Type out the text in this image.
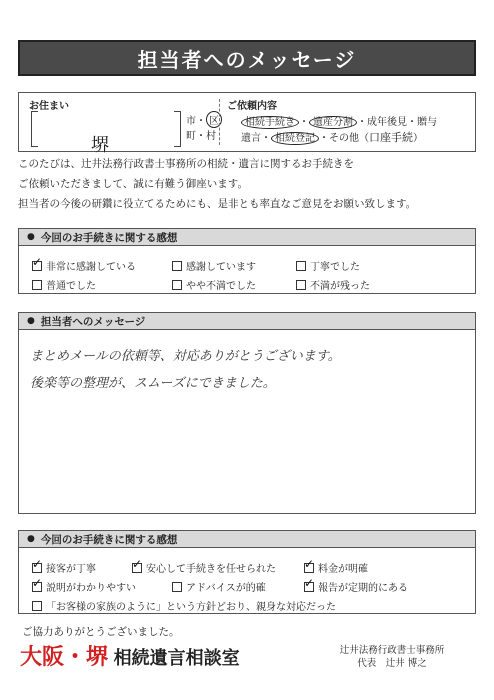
担当者へのメッセージ
お住まい
堺
市・ 区
町・村
ご依頼内容
相続手続き ・ 遺産分割 ・成年後見・贈与
遺言・ 相続登記 ・その他（口座手続）
このたびは、辻井法務行政書士事務所の相続・遺言に関するお手続きを
ご依頼いただきまして、誠に有難う御座います。
担当者の今後の研鑽に役立てるためにも、是非とも率直なご意見をお願い致します。
● 今回のお手続きに関する感想
✓
非常に感謝している	感謝しています	丁寧でした
普通でした	やや不満でした	不満が残った
● 担当者へのメッセージ
まとめメールの依頼等、対応ありがとうございます。
後楽等の整理が、スムーズにできました。
● 今回のお手続きに関する感想
✓
接客が丁寧 ✓	安心して手続きを任せられた ✓	料金が明確
✓
説明がわかりやすい	アドバイスが的確 ✓	報告が定期的にある
「お客様の家族のように」という方針どおり、親身な対応だった
ご協力ありがとうございました。
大阪・堺 相続遺言相談室	辻井法務行政書士事務所
代表　辻井 博之
